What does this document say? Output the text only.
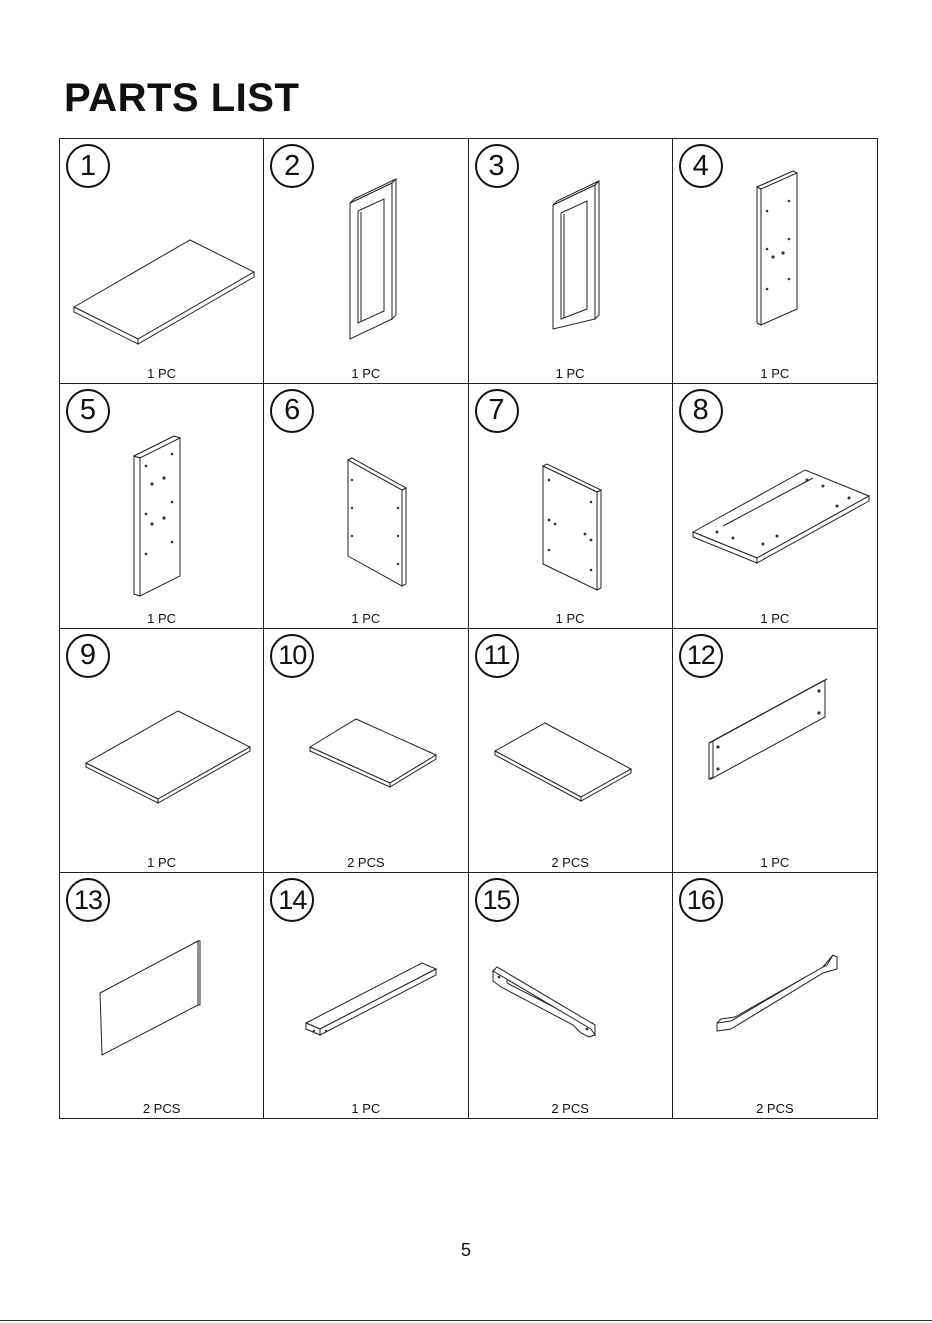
PARTS LIST
1
1 PC
2
1 PC
3
1 PC
4
1 PC
5
1 PC
6
1 PC
7
1 PC
8
1 PC
9
1 PC
10
2 PCS
11
2 PCS
12
1 PC
13
2 PCS
14
1 PC
15
2 PCS
16
2 PCS
5
